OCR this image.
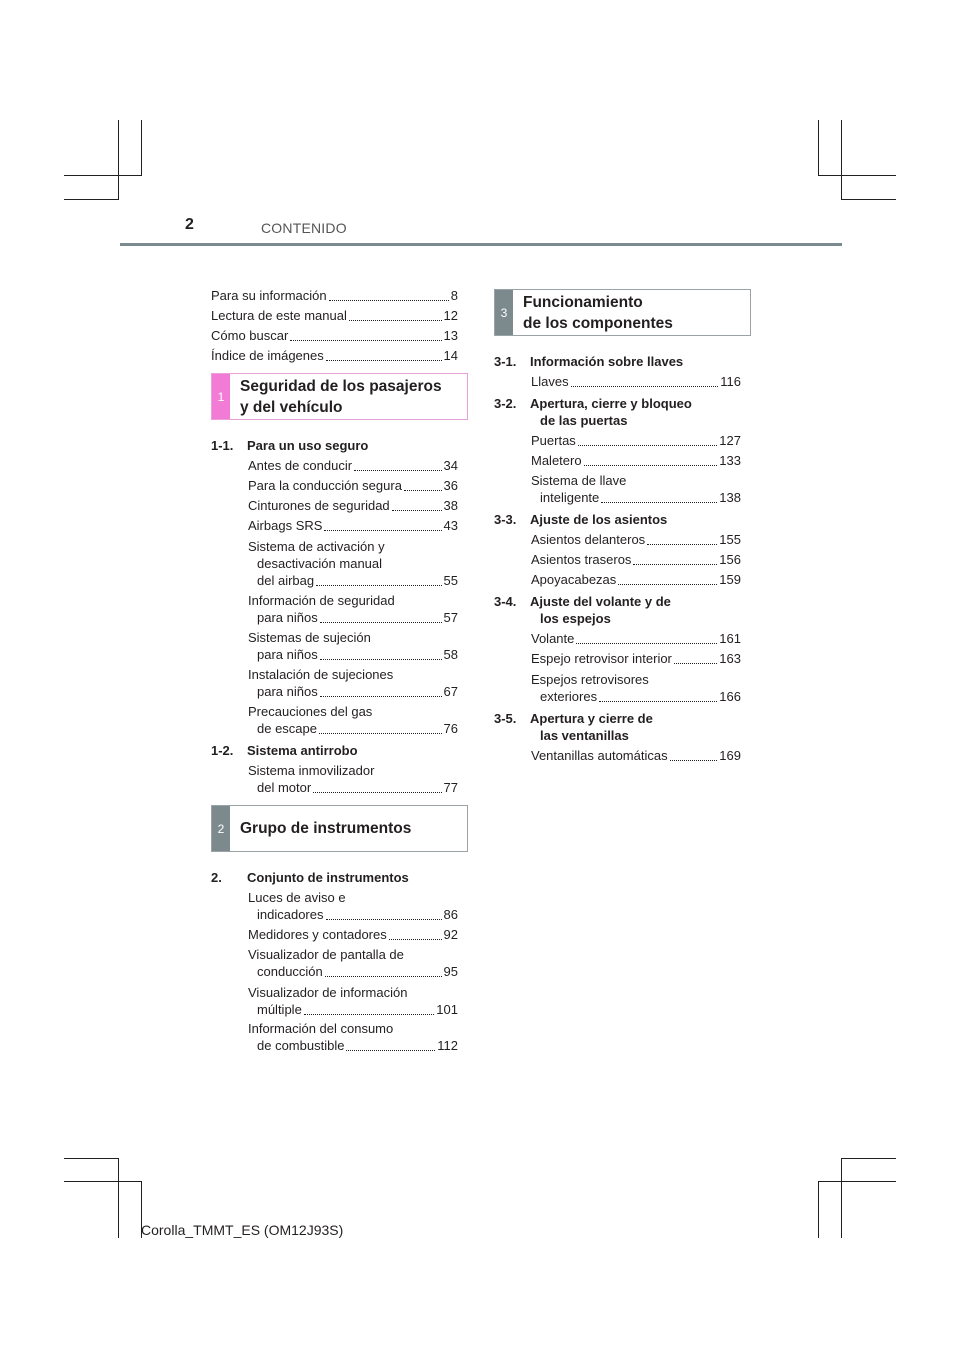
2	CONTENIDO
Para su información	8
Lectura de este manual	12
Cómo buscar	13
Índice de imágenes	14
1
Seguridad de los pasajeros
y del vehículo
1-1. Para un uso seguro
Antes de conducir	34
Para la conducción segura	36
Cinturones de seguridad	38
Airbags SRS	43
Sistema de activación y
desactivación manual
del airbag	55
Información de seguridad
para niños	57
Sistemas de sujeción
para niños	58
Instalación de sujeciones
para niños	67
Precauciones del gas
de escape	76
1-2. Sistema antirrobo
Sistema inmovilizador
del motor	77
2	Grupo de instrumentos
2. Conjunto de instrumentos
Luces de aviso e
indicadores	86
Medidores y contadores	92
Visualizador de pantalla de
conducción	95
Visualizador de información
múltiple	101
Información del consumo
de combustible	112
3
Funcionamiento
de los componentes
3-1. Información sobre llaves
Llaves	116
3-2. Apertura, cierre y bloqueo
de las puertas
Puertas	127
Maletero	133
Sistema de llave
inteligente	138
3-3. Ajuste de los asientos
Asientos delanteros	155
Asientos traseros	156
Apoyacabezas	159
3-4. Ajuste del volante y de
los espejos
Volante	161
Espejo retrovisor interior	163
Espejos retrovisores
exteriores	166
3-5. Apertura y cierre de
las ventanillas
Ventanillas automáticas	169
Corolla_TMMT_ES (OM12J93S)
